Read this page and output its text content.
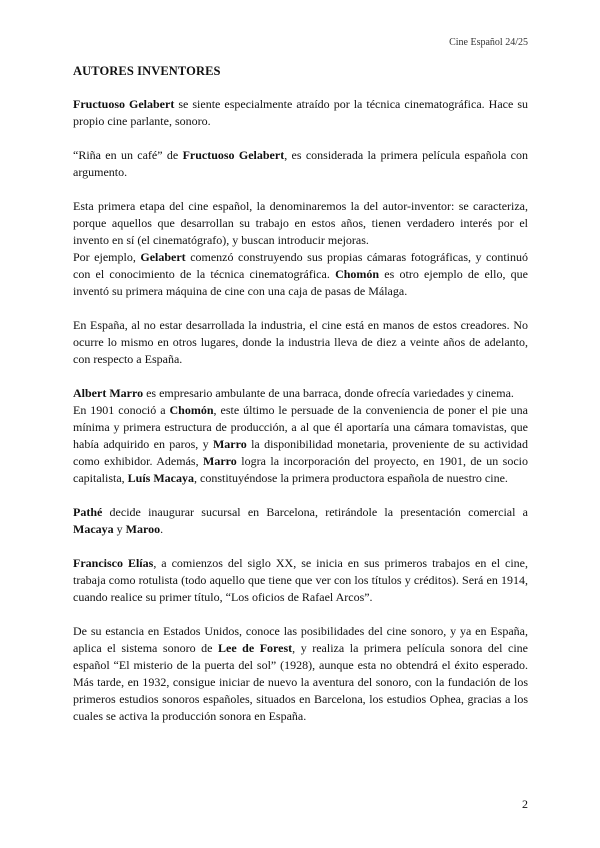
Cine Español 24/25
AUTORES INVENTORES

Fructuoso Gelabert se siente especialmente atraído por la técnica cinematográfica. Hace su propio cine parlante, sonoro.

“Riña en un café” de Fructuoso Gelabert, es considerada la primera película española con argumento.

Esta primera etapa del cine español, la denominaremos la del autor-inventor: se caracteriza, porque aquellos que desarrollan su trabajo en estos años, tienen verdadero interés por el invento en sí (el cinematógrafo), y buscan introducir mejoras.

Por ejemplo, Gelabert comenzó construyendo sus propias cámaras fotográficas, y continuó con el conocimiento de la técnica cinematográfica. Chomón es otro ejemplo de ello, que inventó su primera máquina de cine con una caja de pasas de Málaga.

En España, al no estar desarrollada la industria, el cine está en manos de estos creadores. No ocurre lo mismo en otros lugares, donde la industria lleva de diez a veinte años de adelanto, con respecto a España.

Albert Marro es empresario ambulante de una barraca, donde ofrecía variedades y cinema.

En 1901 conoció a Chomón, este último le persuade de la conveniencia de poner el pie una mínima y primera estructura de producción, a al que él aportaría una cámara tomavistas, que había adquirido en paros, y Marro la disponibilidad monetaria, proveniente de su actividad como exhibidor. Además, Marro logra la incorporación del proyecto, en 1901, de un socio capitalista, Luís Macaya, constituyéndose la primera productora española de nuestro cine.

Pathé decide inaugurar sucursal en Barcelona, retirándole la presentación comercial a Macaya y Maroo.

Francisco Elías, a comienzos del siglo XX, se inicia en sus primeros trabajos en el cine, trabaja como rotulista (todo aquello que tiene que ver con los títulos y créditos). Será en 1914, cuando realice su primer título, “Los oficios de Rafael Arcos”.

De su estancia en Estados Unidos, conoce las posibilidades del cine sonoro, y ya en España, aplica el sistema sonoro de Lee de Forest, y realiza la primera película sonora del cine español “El misterio de la puerta del sol” (1928), aunque esta no obtendrá el éxito esperado. Más tarde, en 1932, consigue iniciar de nuevo la aventura del sonoro, con la fundación de los primeros estudios sonoros españoles, situados en Barcelona, los estudios Ophea, gracias a los cuales se activa la producción sonora en España.

2
